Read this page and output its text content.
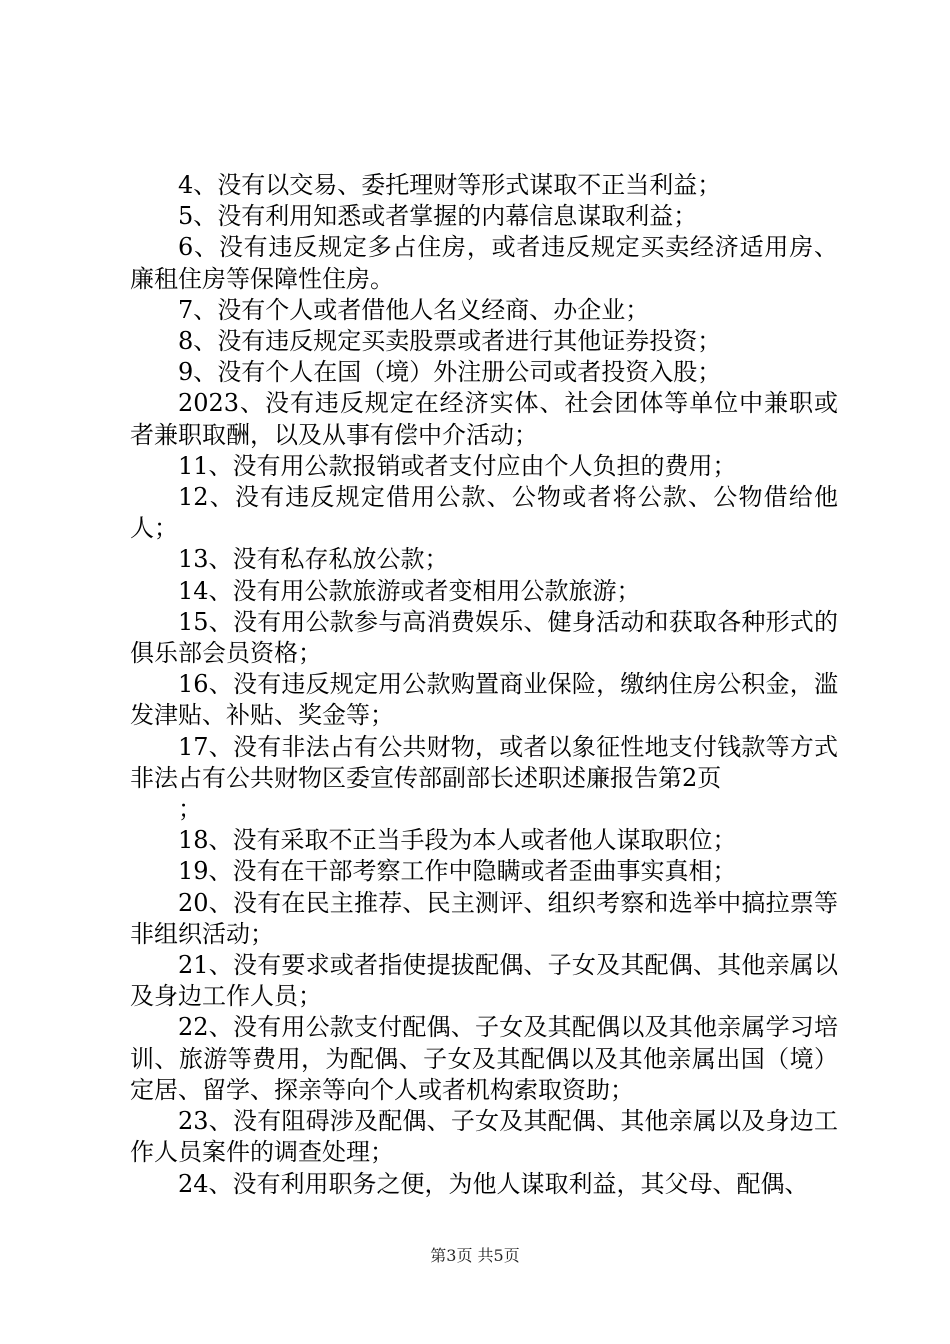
4、没有以交易、委托理财等形式谋取不正当利益；

5、没有利用知悉或者掌握的内幕信息谋取利益；

6、没有违反规定多占住房，或者违反规定买卖经济适用房、廉租住房等保障性住房。

7、没有个人或者借他人名义经商、办企业；

8、没有违反规定买卖股票或者进行其他证券投资；

9、没有个人在国（境）外注册公司或者投资入股；

2023、没有违反规定在经济实体、社会团体等单位中兼职或者兼职取酬，以及从事有偿中介活动；

11、没有用公款报销或者支付应由个人负担的费用；

12、没有违反规定借用公款、公物或者将公款、公物借给他人；

13、没有私存私放公款；

14、没有用公款旅游或者变相用公款旅游；

15、没有用公款参与高消费娱乐、健身活动和获取各种形式的俱乐部会员资格；

16、没有违反规定用公款购置商业保险，缴纳住房公积金，滥发津贴、补贴、奖金等；

17、没有非法占有公共财物，或者以象征性地支付钱款等方式非法占有公共财物区委宣传部副部长述职述廉报告第2页

；

18、没有采取不正当手段为本人或者他人谋取职位；

19、没有在干部考察工作中隐瞒或者歪曲事实真相；

20、没有在民主推荐、民主测评、组织考察和选举中搞拉票等非组织活动；

21、没有要求或者指使提拔配偶、子女及其配偶、其他亲属以及身边工作人员；

22、没有用公款支付配偶、子女及其配偶以及其他亲属学习培训、旅游等费用，为配偶、子女及其配偶以及其他亲属出国（境）定居、留学、探亲等向个人或者机构索取资助；

23、没有阻碍涉及配偶、子女及其配偶、其他亲属以及身边工作人员案件的调查处理；

24、没有利用职务之便，为他人谋取利益，其父母、配偶、

第3页 共5页
